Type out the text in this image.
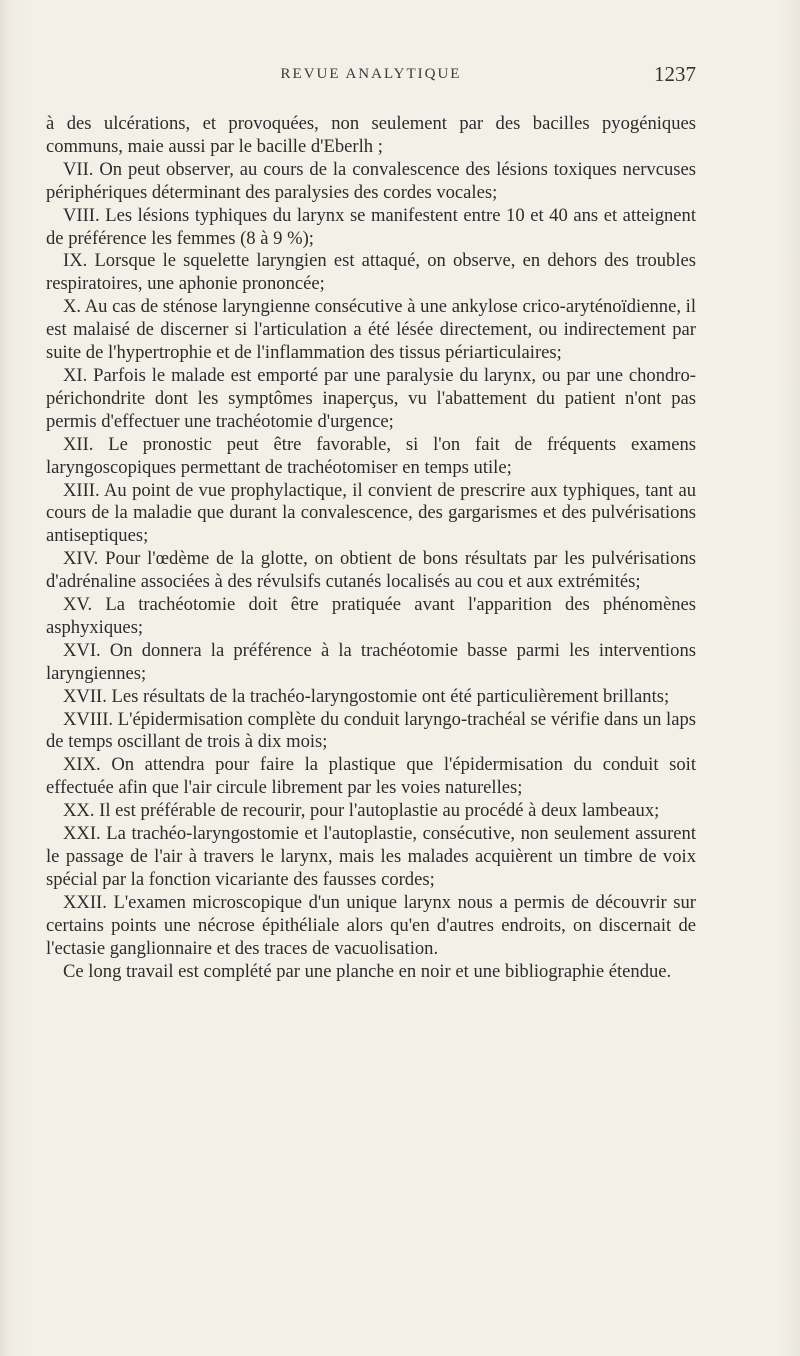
REVUE ANALYTIQUE	1237

à des ulcérations, et provoquées, non seulement par des bacilles pyogéniques communs, maie aussi par le bacille d'Eberlh ;

VII. On peut observer, au cours de la convalescence des lésions toxiques nervcuses périphériques déterminant des paralysies des cordes vocales;

VIII. Les lésions typhiques du larynx se manifestent entre 10 et 40 ans et atteignent de préférence les femmes (8 à 9 %);

IX. Lorsque le squelette laryngien est attaqué, on observe, en dehors des troubles respiratoires, une aphonie prononcée;

X. Au cas de sténose laryngienne consécutive à une ankylose crico-aryténoïdienne, il est malaisé de discerner si l'articulation a été lésée directement, ou indirectement par suite de l'hypertrophie et de l'inflammation des tissus périarticulaires;

XI. Parfois le malade est emporté par une paralysie du larynx, ou par une chondro-périchondrite dont les symptômes inaperçus, vu l'abattement du patient n'ont pas permis d'effectuer une trachéotomie d'urgence;

XII. Le pronostic peut être favorable, si l'on fait de fréquents examens laryngoscopiques permettant de trachéotomiser en temps utile;

XIII. Au point de vue prophylactique, il convient de prescrire aux typhiques, tant au cours de la maladie que durant la convalescence, des gargarismes et des pulvérisations antiseptiques;

XIV. Pour l'œdème de la glotte, on obtient de bons résultats par les pulvérisations d'adrénaline associées à des révulsifs cutanés localisés au cou et aux extrémités;

XV. La trachéotomie doit être pratiquée avant l'apparition des phénomènes asphyxiques;

XVI. On donnera la préférence à la trachéotomie basse parmi les interventions laryngiennes;

XVII. Les résultats de la trachéo-laryngostomie ont été particulièrement brillants;

XVIII. L'épidermisation complète du conduit laryngo-trachéal se vérifie dans un laps de temps oscillant de trois à dix mois;

XIX. On attendra pour faire la plastique que l'épidermisation du conduit soit effectuée afin que l'air circule librement par les voies naturelles;

XX. Il est préférable de recourir, pour l'autoplastie au procédé à deux lambeaux;

XXI. La trachéo-laryngostomie et l'autoplastie, consécutive, non seulement assurent le passage de l'air à travers le larynx, mais les malades acquièrent un timbre de voix spécial par la fonction vicariante des fausses cordes;

XXII. L'examen microscopique d'un unique larynx nous a permis de découvrir sur certains points une nécrose épithéliale alors qu'en d'autres endroits, on discernait de l'ectasie ganglionnaire et des traces de vacuolisation.

Ce long travail est complété par une planche en noir et une bibliographie étendue.
